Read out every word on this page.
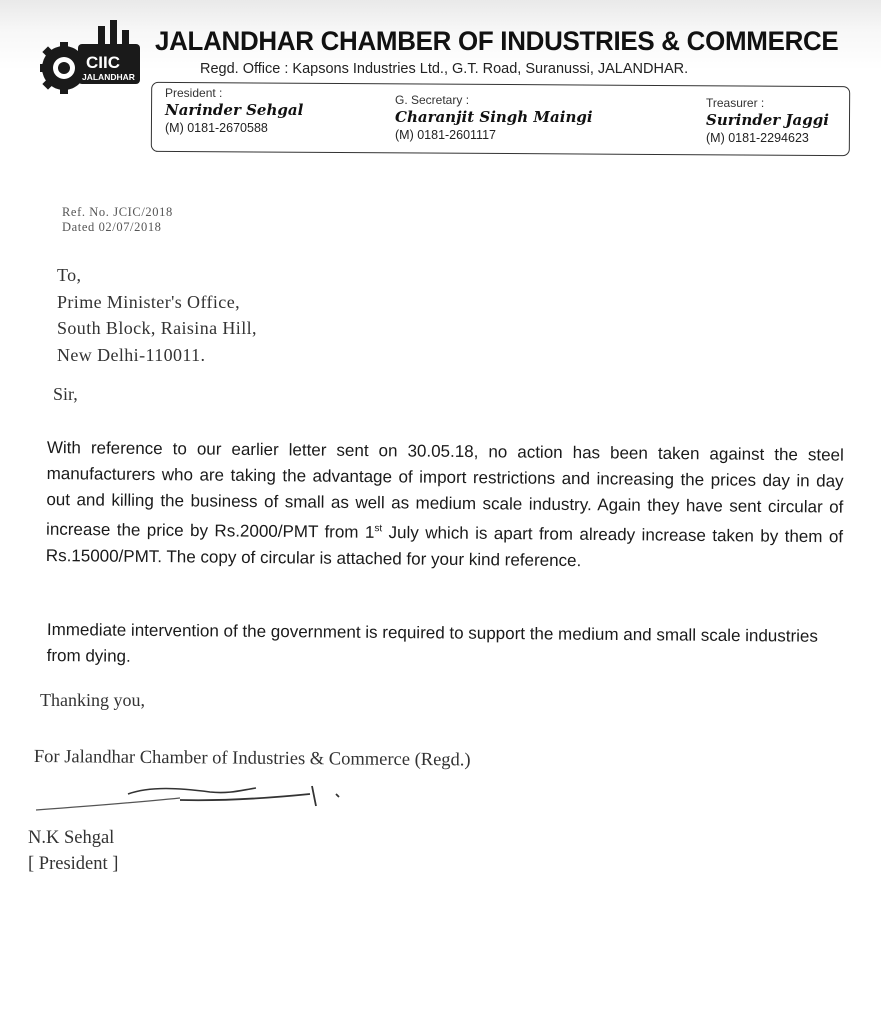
CIIC
JALANDHAR
JALANDHAR CHAMBER OF INDUSTRIES & COMMERCE
Regd. Office : Kapsons Industries Ltd., G.T. Road, Suranussi, JALANDHAR.
President :
Narinder Sehgal
(M) 0181-2670588
G. Secretary :
Charanjit Singh Maingi
(M) 0181-2601117
Treasurer :
Surinder Jaggi
(M) 0181-2294623
Ref. No. JCIC/2018
Dated 02/07/2018
To,
Prime Minister's Office,
South Block, Raisina Hill,
New Delhi-110011.
Sir,
With reference to our earlier letter sent on 30.05.18, no action has been taken against the steel manufacturers who are taking the advantage of import restrictions and increasing the prices day in day out and killing the business of small as well as medium scale industry. Again they have sent circular of increase the price by Rs.2000/PMT from 1st July which is apart from already increase taken by them of Rs.15000/PMT. The copy of circular is attached for your kind reference.
Immediate intervention of the government is required to support the medium and small scale industries from dying.
Thanking you,
For Jalandhar Chamber of Industries & Commerce (Regd.)
N.K Sehgal
[ President ]
